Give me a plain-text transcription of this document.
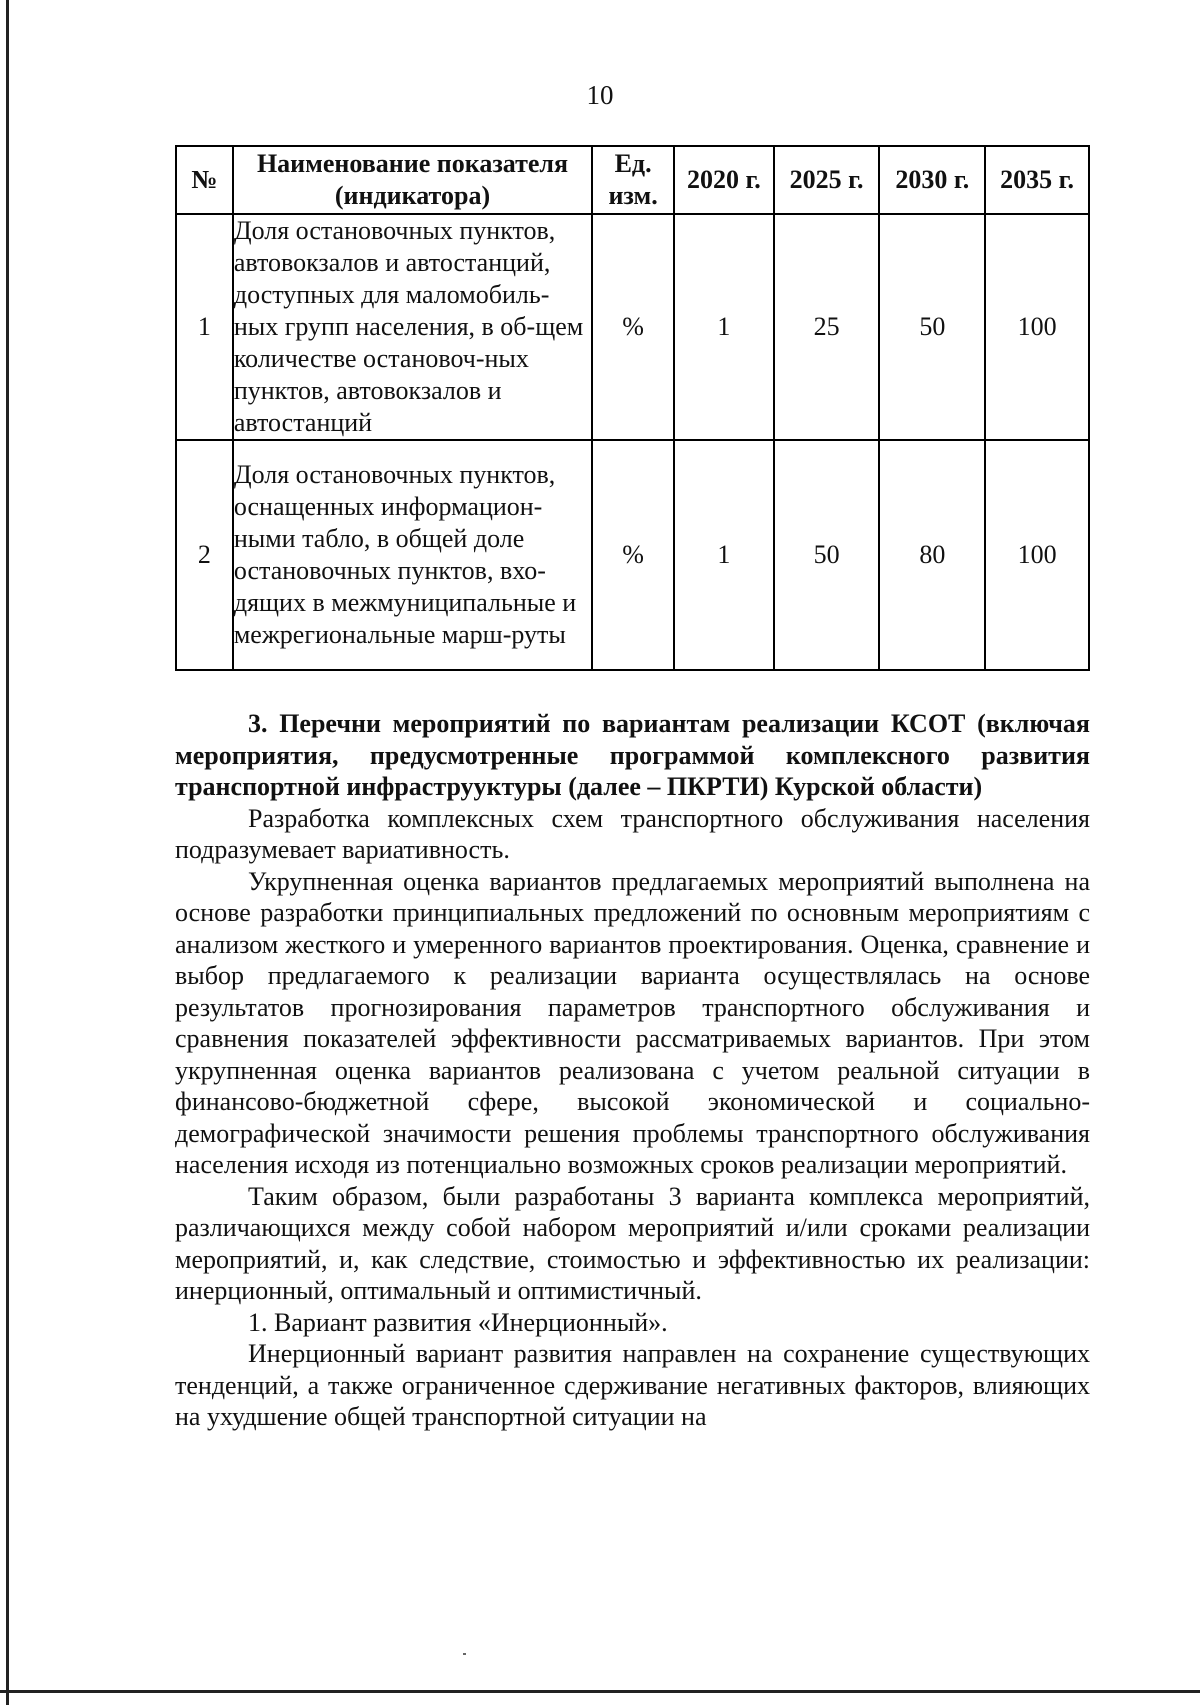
10
№	Наименование показателя (индикатора)	Ед. изм.	2020 г.	2025 г.	2030 г.	2035 г.
1	Доля остановочных пунктов, автовокзалов и автостанций, доступных для маломобиль-ных групп населения, в об-щем количестве остановоч-ных пунктов, автовокзалов и автостанций	%	1	25	50	100
2	Доля остановочных пунктов, оснащенных информацион-ными табло, в общей доле остановочных пунктов, вхо-дящих в межмуниципальные и межрегиональные марш-руты	%	1	50	80	100

3. Перечни мероприятий по вариантам реализации КСОТ (включая мероприятия, предусмотренные программой комплексного развития транспортной инфраструуктуры (далее – ПКРТИ) Курской области)

Разработка комплексных схем транспортного обслуживания населения подразумевает вариативность.

Укрупненная оценка вариантов предлагаемых мероприятий выполнена на основе разработки принципиальных предложений по основным мероприятиям с анализом жесткого и умеренного вариантов проектирования. Оценка, сравнение и выбор предлагаемого к реализации варианта осуществлялась на основе результатов прогнозирования параметров транспортного обслуживания и сравнения показателей эффективности рассматриваемых вариантов. При этом укрупненная оценка вариантов реализована с учетом реальной ситуации в финансово-бюджетной сфере, высокой экономической и социально-демографической значимости решения проблемы транспортного обслуживания населения исходя из потенциально возможных сроков реализации мероприятий.

Таким образом, были разработаны 3 варианта комплекса мероприятий, различающихся между собой набором мероприятий и/или сроками реализации мероприятий, и, как следствие, стоимостью и эффективностью их реализации: инерционный, оптимальный и оптимистичный.

1. Вариант развития «Инерционный».

Инерционный вариант развития направлен на сохранение существующих тенденций, а также ограниченное сдерживание негативных факторов, влияющих на ухудшение общей транспортной ситуации на
